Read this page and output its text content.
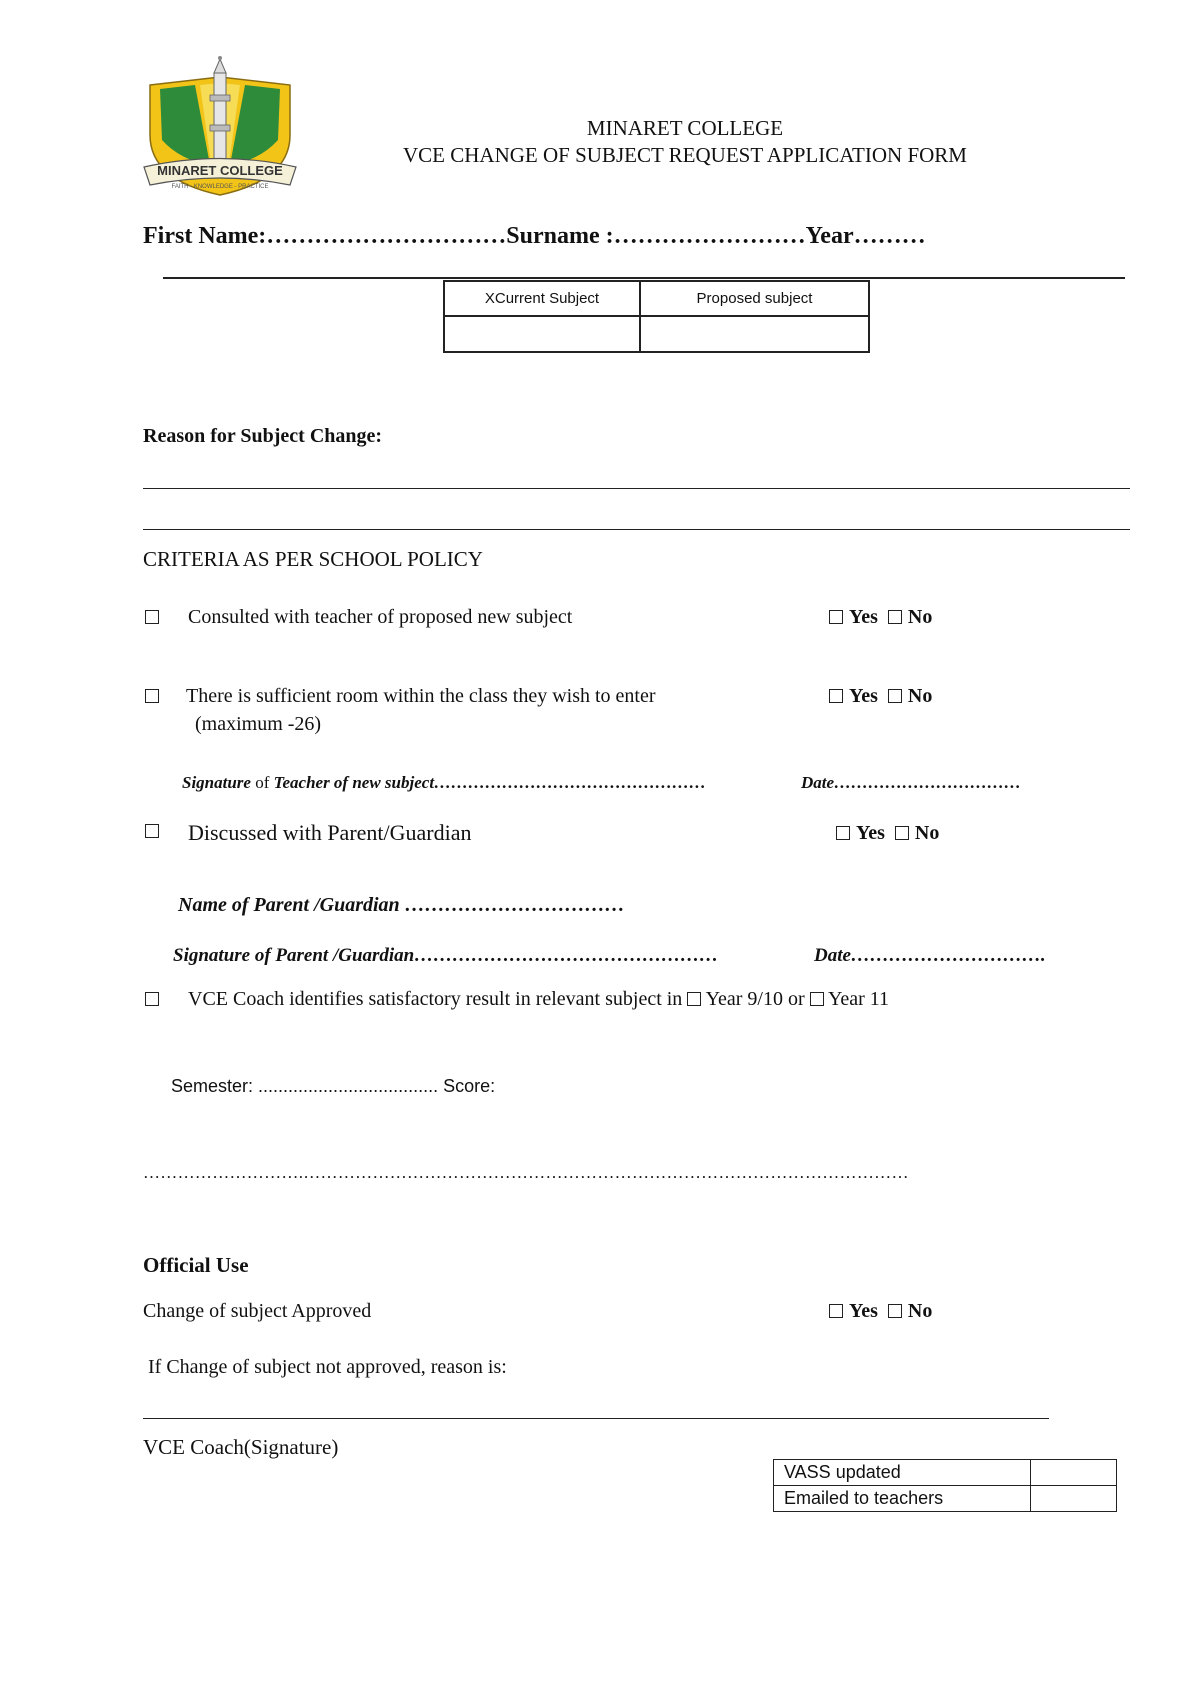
MINARET COLLEGE
FAITH - KNOWLEDGE - PRACTICE
MINARET COLLEGE
VCE CHANGE OF SUBJECT REQUEST APPLICATION FORM
First Name:…………………………Surname :……………………Year………
XCurrent Subject	Proposed subject

Reason for Subject Change:
CRITERIA AS PER SCHOOL POLICY
Consulted with teacher of proposed new subject	Yes No
There is sufficient room within the class they wish to enter
(maximum -26)
Yes No
Signature of Teacher of new subject…………………………………………	Date……………………………
Discussed with Parent/Guardian	Yes No
Name of Parent /Guardian ……………………………
Signature of Parent /Guardian…………………………………………	Date………………………….
VCE Coach identifies satisfactory result in relevant subject in Year 9/10 or Year 11
Semester: .................................... Score:
……………………….……………………………………………………………………………………………
Official Use
Change of subject Approved	Yes No
If Change of subject not approved, reason is:
VCE Coach(Signature)
VASS updated	
Emailed to teachers	
